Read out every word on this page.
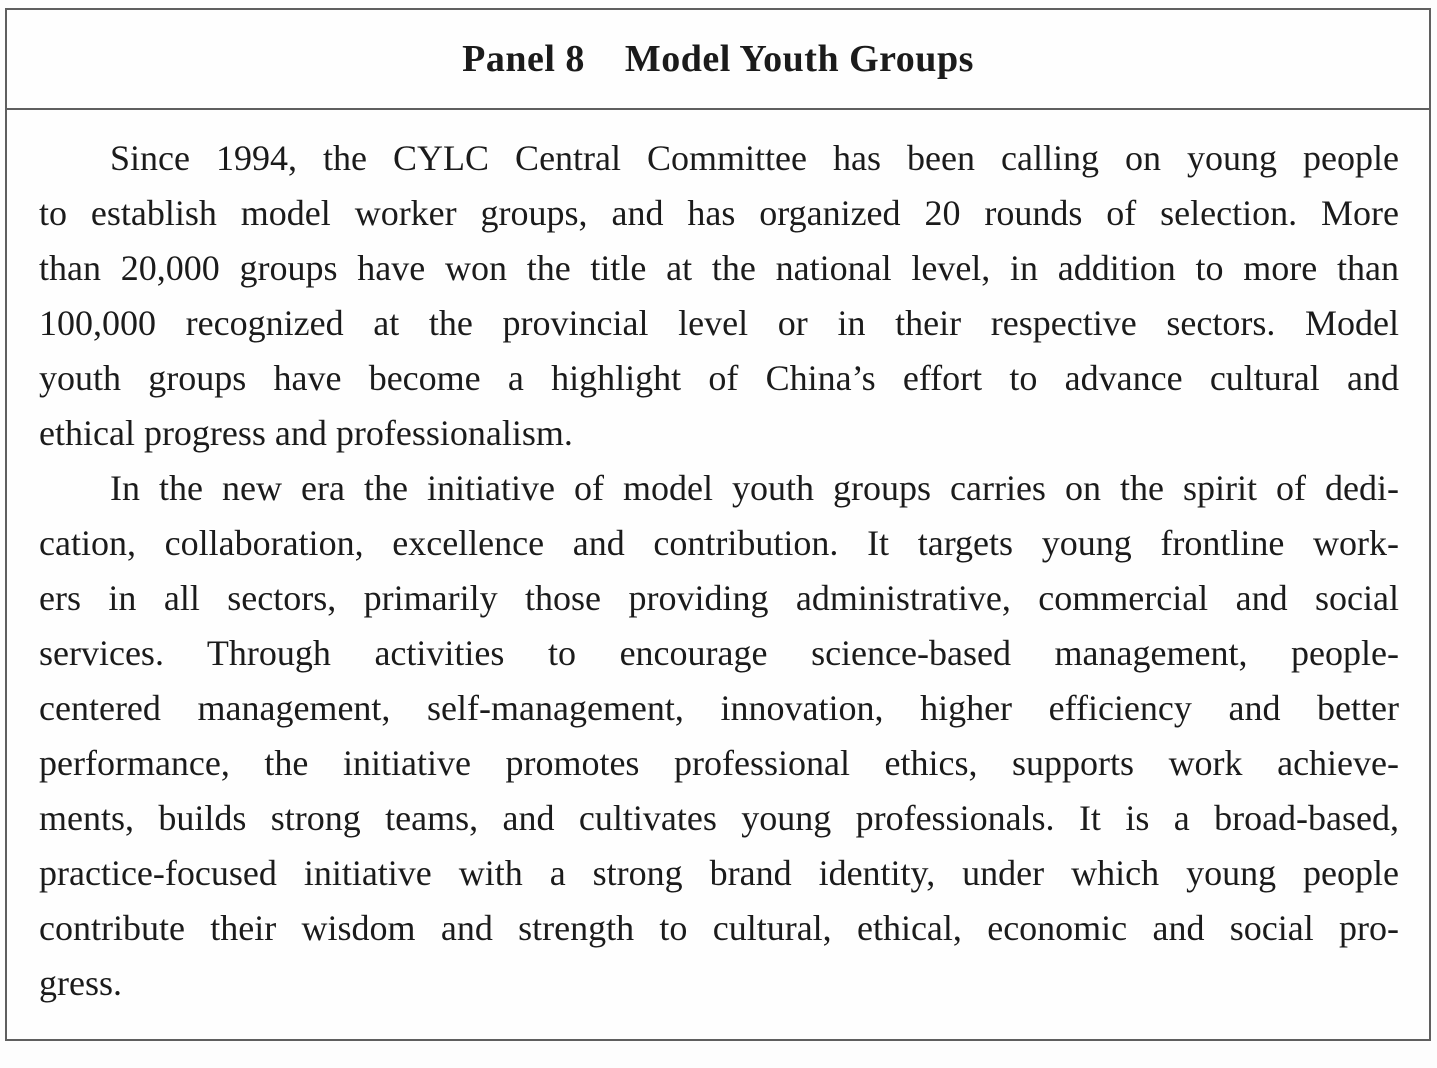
Panel 8 Model Youth Groups
Since 1994, the CYLC Central Committee has been calling on young people
to establish model worker groups, and has organized 20 rounds of selection. More
than 20,000 groups have won the title at the national level, in addition to more than
100,000 recognized at the provincial level or in their respective sectors. Model
youth groups have become a highlight of China’s effort to advance cultural and
ethical progress and professionalism.
In the new era the initiative of model youth groups carries on the spirit of dedi-
cation, collaboration, excellence and contribution. It targets young frontline work-
ers in all sectors, primarily those providing administrative, commercial and social
services. Through activities to encourage science-based management, people-
centered management, self-management, innovation, higher efficiency and better
performance, the initiative promotes professional ethics, supports work achieve-
ments, builds strong teams, and cultivates young professionals. It is a broad-based,
practice-focused initiative with a strong brand identity, under which young people
contribute their wisdom and strength to cultural, ethical, economic and social pro-
gress.
